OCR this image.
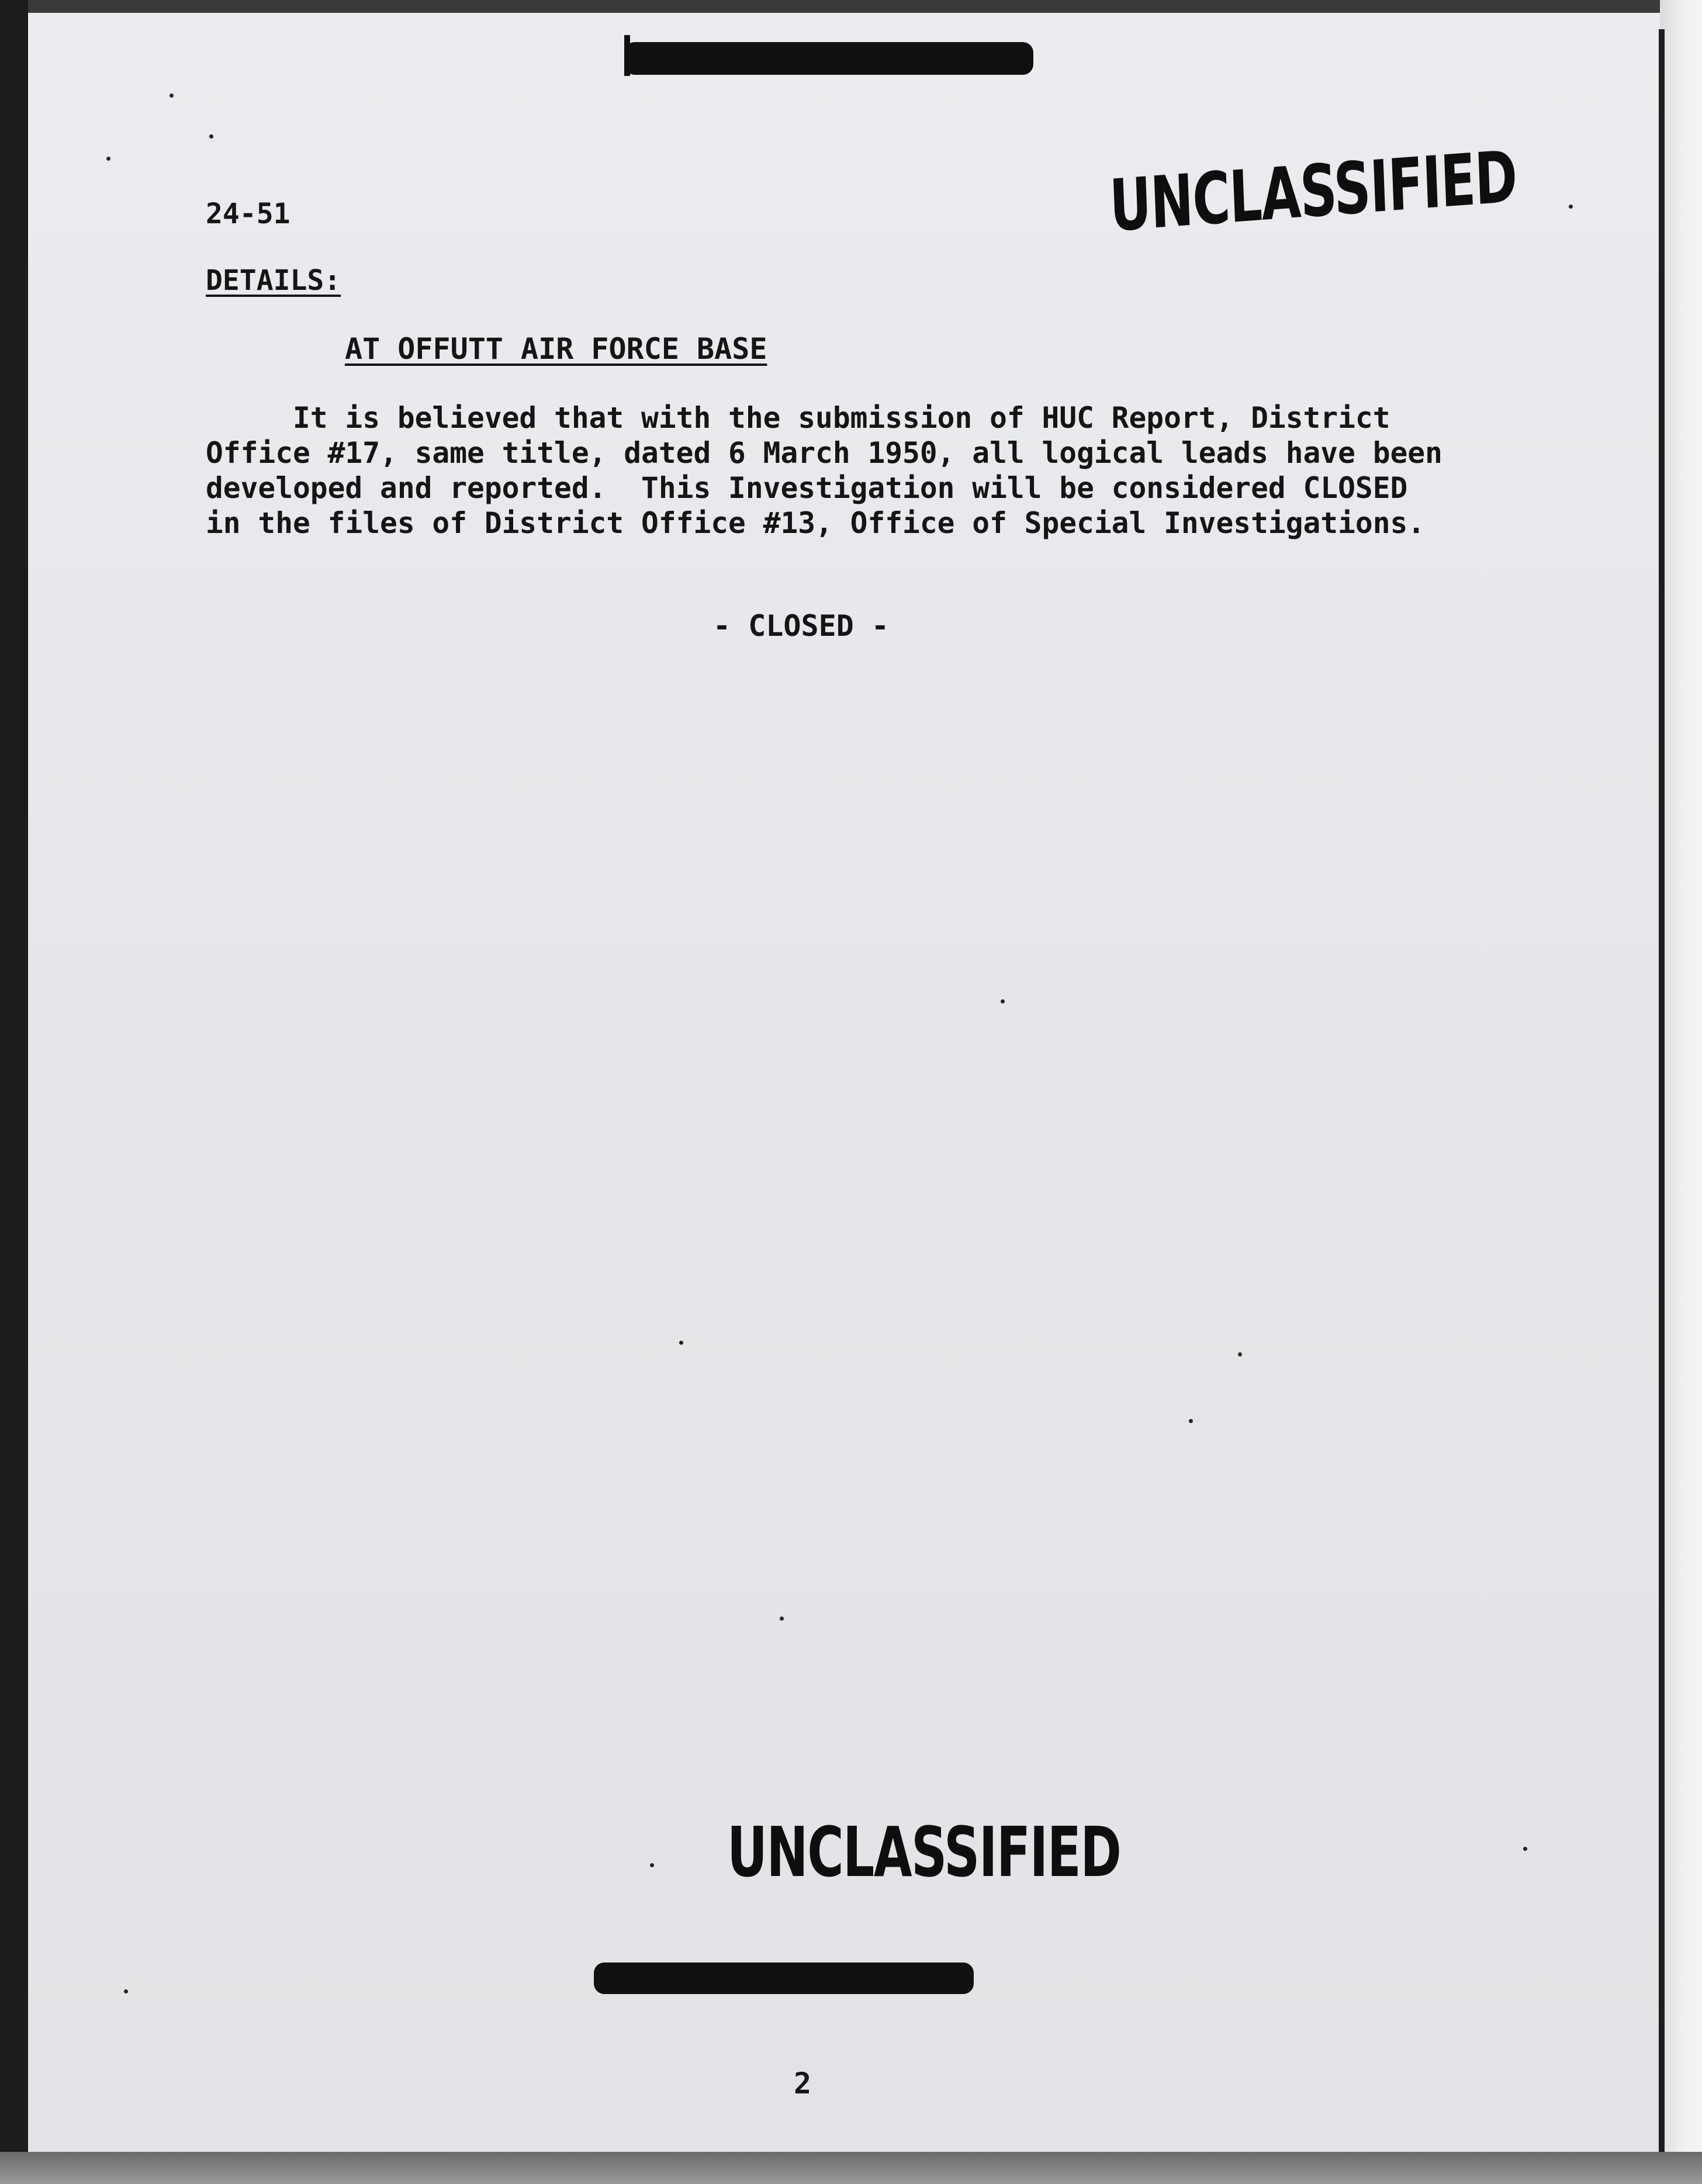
24-51	UNCLASSIFIED
DETAILS:
AT OFFUTT AIR FORCE BASE
It is believed that with the submission of HUC Report, District
Office #17, same title, dated 6 March 1950, all logical leads have been
developed and reported.  This Investigation will be considered CLOSED
in the files of District Office #13, Office of Special Investigations.
- CLOSED -
UNCLASSIFIED
2
